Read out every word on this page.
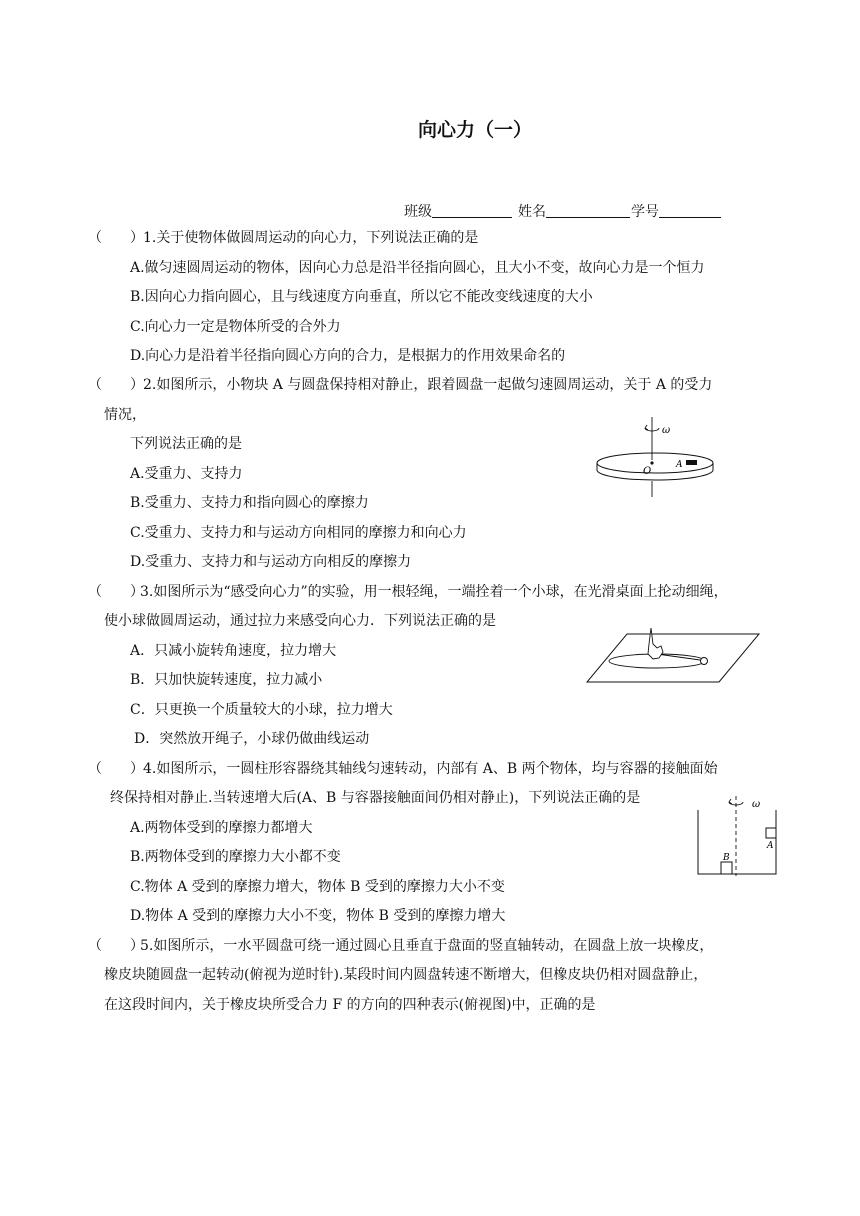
向心力（一）
班级	姓名	学号
（　　） 1.关于使物体做圆周运动的向心力，下列说法正确的是
A.做匀速圆周运动的物体，因向心力总是沿半径指向圆心，且大小不变，故向心力是一个恒力
B.因向心力指向圆心，且与线速度方向垂直，所以它不能改变线速度的大小
C.向心力一定是物体所受的合外力
D.向心力是沿着半径指向圆心方向的合力，是根据力的作用效果命名的
（　　） 2.如图所示，小物块 A 与圆盘保持相对静止，跟着圆盘一起做匀速圆周运动，关于 A 的受力
情况，
下列说法正确的是
A.受重力、支持力
B.受重力、支持力和指向圆心的摩擦力
C.受重力、支持力和与运动方向相同的摩擦力和向心力
D.受重力、支持力和与运动方向相反的摩擦力
ω
O
A
（　　）
3.如图所示为“感受向心力”的实验，用一根轻绳，一端拴着一个小球，在光滑桌面上抡动细绳，
使小球做圆周运动，通过拉力来感受向心力．下列说法正确的是
A．只减小旋转角速度，拉力增大
B．只加快旋转速度，拉力减小
C．只更换一个质量较大的小球，拉力增大
D．突然放开绳子，小球仍做曲线运动
（　　） 4.如图所示，一圆柱形容器绕其轴线匀速转动，内部有 A、B 两个物体，均与容器的接触面始
终保持相对静止.当转速增大后(A、B 与容器接触面间仍相对静止)，下列说法正确的是
A.两物体受到的摩擦力都增大
B.两物体受到的摩擦力大小都不变
C.物体 A 受到的摩擦力增大，物体 B 受到的摩擦力大小不变
D.物体 A 受到的摩擦力大小不变，物体 B 受到的摩擦力增大
ω
A
B
（　　）
5.如图所示，一水平圆盘可绕一通过圆心且垂直于盘面的竖直轴转动，在圆盘上放一块橡皮，
橡皮块随圆盘一起转动(俯视为逆时针).某段时间内圆盘转速不断增大，但橡皮块仍相对圆盘静止，
在这段时间内，关于橡皮块所受合力 F 的方向的四种表示(俯视图)中，正确的是
